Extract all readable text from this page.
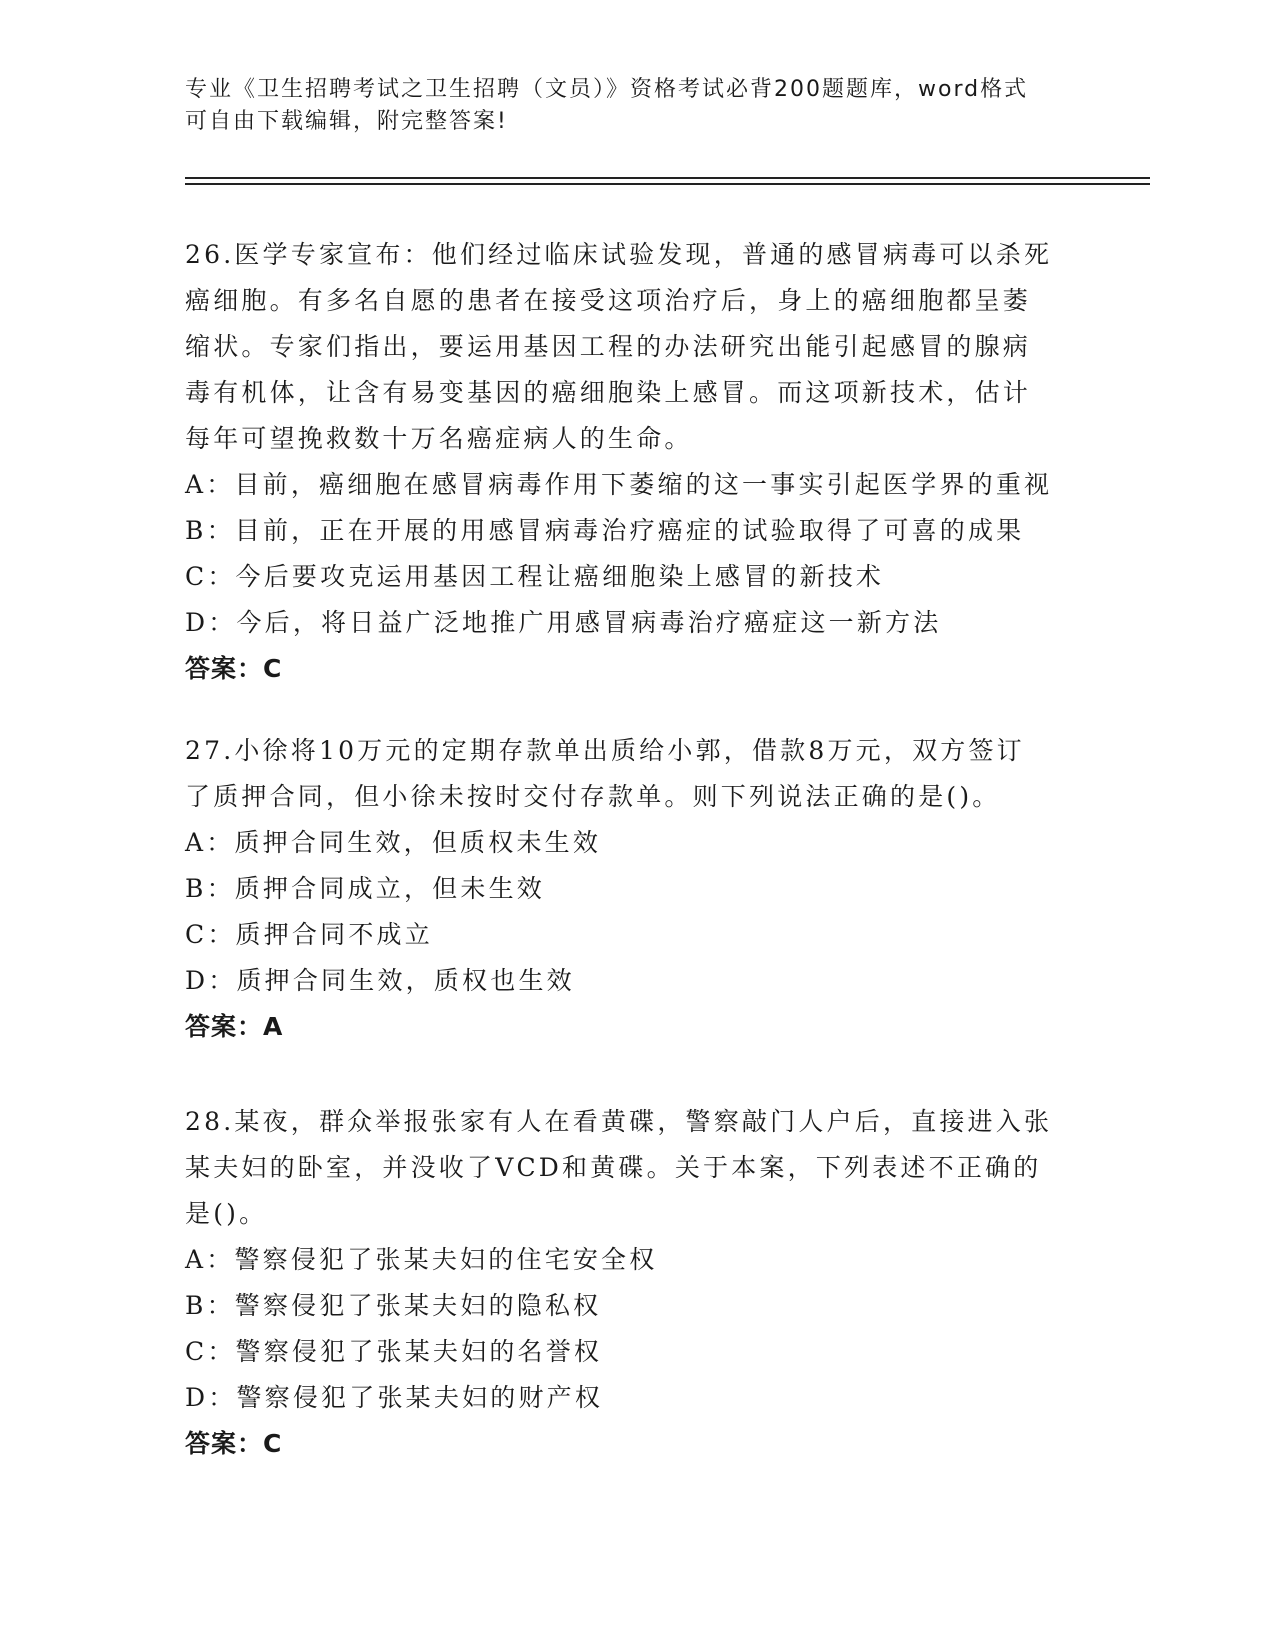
专业《卫生招聘考试之卫生招聘（文员）》资格考试必背200题题库，word格式
可自由下载编辑，附完整答案!
26.医学专家宣布：他们经过临床试验发现，普通的感冒病毒可以杀死
癌细胞。有多名自愿的患者在接受这项治疗后，身上的癌细胞都呈萎
缩状。专家们指出，要运用基因工程的办法研究出能引起感冒的腺病
毒有机体，让含有易变基因的癌细胞染上感冒。而这项新技术，估计
每年可望挽救数十万名癌症病人的生命。
A：目前，癌细胞在感冒病毒作用下萎缩的这一事实引起医学界的重视
B：目前，正在开展的用感冒病毒治疗癌症的试验取得了可喜的成果
C：今后要攻克运用基因工程让癌细胞染上感冒的新技术
D：今后，将日益广泛地推广用感冒病毒治疗癌症这一新方法
答案：C
27.小徐将10万元的定期存款单出质给小郭，借款8万元，双方签订
了质押合同，但小徐未按时交付存款单。则下列说法正确的是()。
A：质押合同生效，但质权未生效
B：质押合同成立，但未生效
C：质押合同不成立
D：质押合同生效，质权也生效
答案：A
28.某夜，群众举报张家有人在看黄碟，警察敲门人户后，直接进入张
某夫妇的卧室，并没收了VCD和黄碟。关于本案，下列表述不正确的
是()。
A：警察侵犯了张某夫妇的住宅安全权
B：警察侵犯了张某夫妇的隐私权
C：警察侵犯了张某夫妇的名誉权
D：警察侵犯了张某夫妇的财产权
答案：C
